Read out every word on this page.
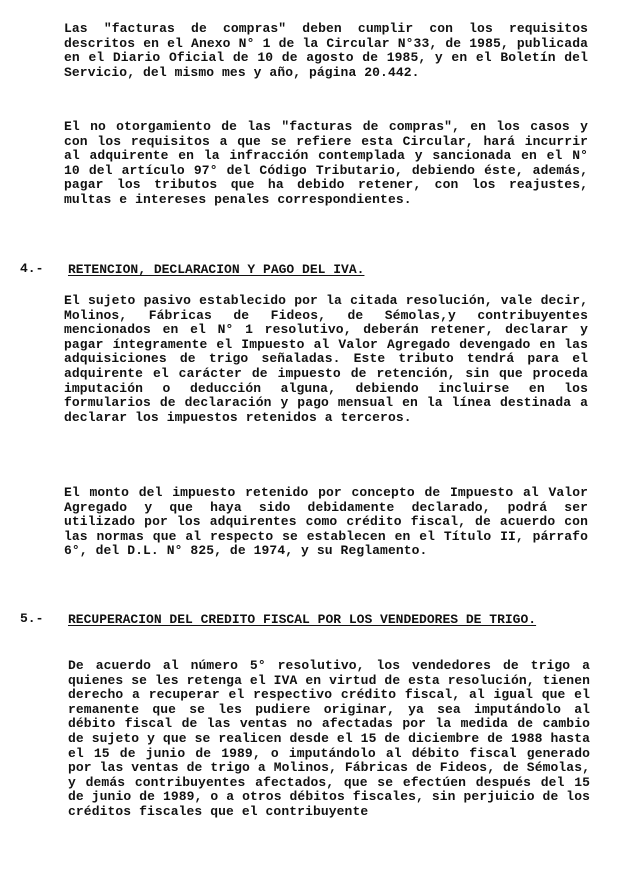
Las "facturas de compras" deben cumplir con los requisitos descritos en el Anexo N° 1 de la Circular N°33, de 1985, publicada en el Diario Oficial de 10 de agosto de 1985, y en el Boletín del Servicio, del mismo mes y año, página 20.442.

El no otorgamiento de las "facturas de compras", en los casos y con los requisitos a que se refiere esta Circular, hará incurrir al adquirente en la infracción contemplada y sancionada en el N° 10 del artículo 97° del Código Tributario, debiendo éste, además, pagar los tributos que ha debido retener, con los reajustes, multas e intereses penales correspondientes.

4.- RETENCION, DECLARACION Y PAGO DEL IVA.

El sujeto pasivo establecido por la citada resolución, vale decir, Molinos, Fábricas de Fideos, de Sémolas,y contribuyentes mencionados en el N° 1 resolutivo, deberán retener, declarar y pagar íntegramente el Impuesto al Valor Agregado devengado en las adquisiciones de trigo señaladas. Este tributo tendrá para el adquirente el carácter de impuesto de retención, sin que proceda imputación o deducción alguna, debiendo incluirse en los formularios de declaración y pago mensual en la línea destinada a declarar los impuestos retenidos a terceros.

El monto del impuesto retenido por concepto de Impuesto al Valor Agregado y que haya sido debidamente declarado, podrá ser utilizado por los adquirentes como crédito fiscal, de acuerdo con las normas que al respecto se establecen en el Título II, párrafo 6°, del D.L. N° 825, de 1974, y su Reglamento.

5.- RECUPERACION DEL CREDITO FISCAL POR LOS VENDEDORES DE TRIGO.

De acuerdo al número 5° resolutivo, los vendedores de trigo a quienes se les retenga el IVA en virtud de esta resolución, tienen derecho a recuperar el respectivo crédito fiscal, al igual que el remanente que se les pudiere originar, ya sea imputándolo al débito fiscal de las ventas no afectadas por la medida de cambio de sujeto y que se realicen desde el 15 de diciembre de 1988 hasta el 15 de junio de 1989, o imputándolo al débito fiscal generado por las ventas de trigo a Molinos, Fábricas de Fideos, de Sémolas, y demás contribuyentes afectados, que se efectúen después del 15 de junio de 1989, o a otros débitos fiscales, sin perjuicio de los créditos fiscales que el contribuyente
